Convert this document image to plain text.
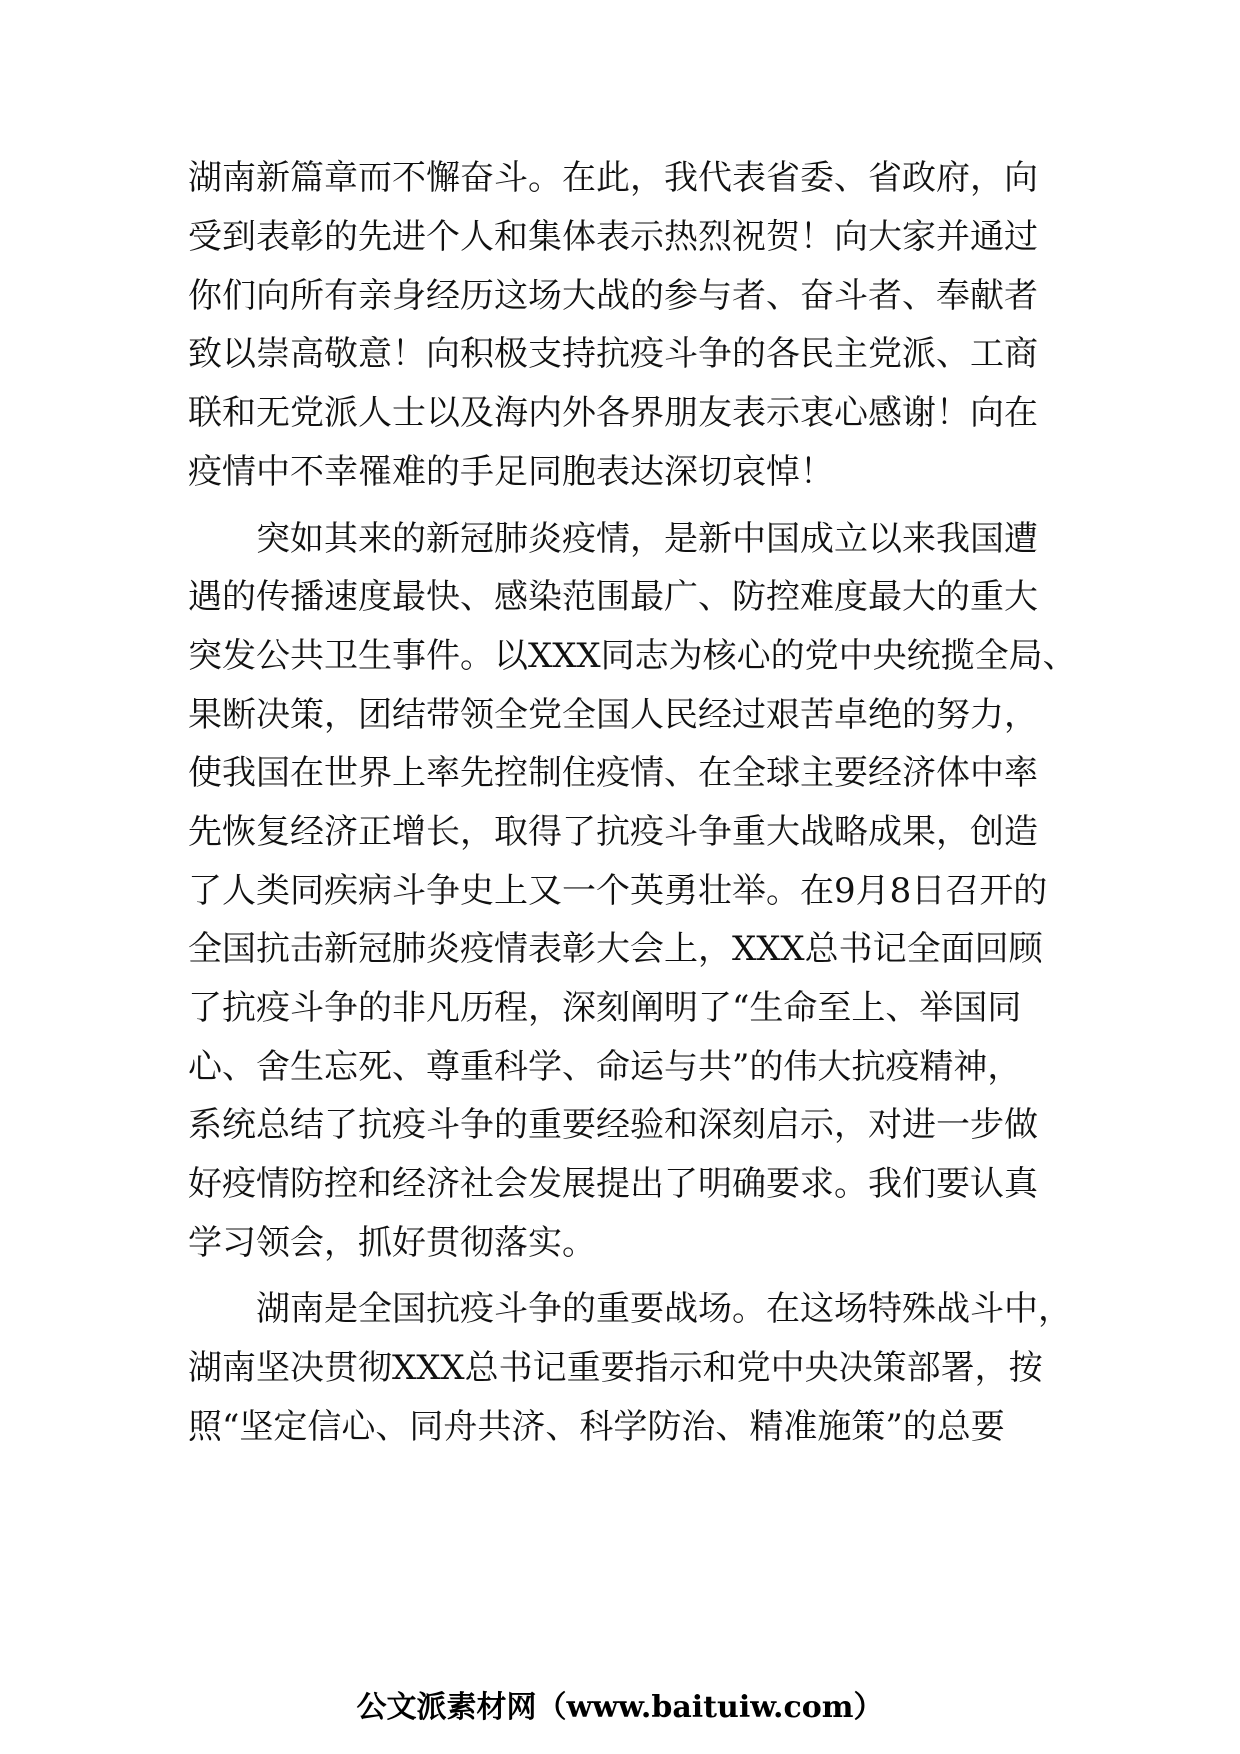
湖南新篇章而不懈奋斗。在此，我代表省委、省政府，向
受到表彰的先进个人和集体表示热烈祝贺！向大家并通过
你们向所有亲身经历这场大战的参与者、奋斗者、奉献者
致以崇高敬意！向积极支持抗疫斗争的各民主党派、工商
联和无党派人士以及海内外各界朋友表示衷心感谢！向在
疫情中不幸罹难的手足同胞表达深切哀悼！
突如其来的新冠肺炎疫情，是新中国成立以来我国遭
遇的传播速度最快、感染范围最广、防控难度最大的重大
突发公共卫生事件。以XXX同志为核心的党中央统揽全局、
果断决策，团结带领全党全国人民经过艰苦卓绝的努力，
使我国在世界上率先控制住疫情、在全球主要经济体中率
先恢复经济正增长，取得了抗疫斗争重大战略成果，创造
了人类同疾病斗争史上又一个英勇壮举。在9月8日召开的
全国抗击新冠肺炎疫情表彰大会上，XXX总书记全面回顾
了抗疫斗争的非凡历程，深刻阐明了“生命至上、举国同
心、舍生忘死、尊重科学、命运与共”的伟大抗疫精神，
系统总结了抗疫斗争的重要经验和深刻启示，对进一步做
好疫情防控和经济社会发展提出了明确要求。我们要认真
学习领会，抓好贯彻落实。
湖南是全国抗疫斗争的重要战场。在这场特殊战斗中，
湖南坚决贯彻XXX总书记重要指示和党中央决策部署，按
照“坚定信心、同舟共济、科学防治、精准施策”的总要
公文派素材网（www.baituiw.com）
